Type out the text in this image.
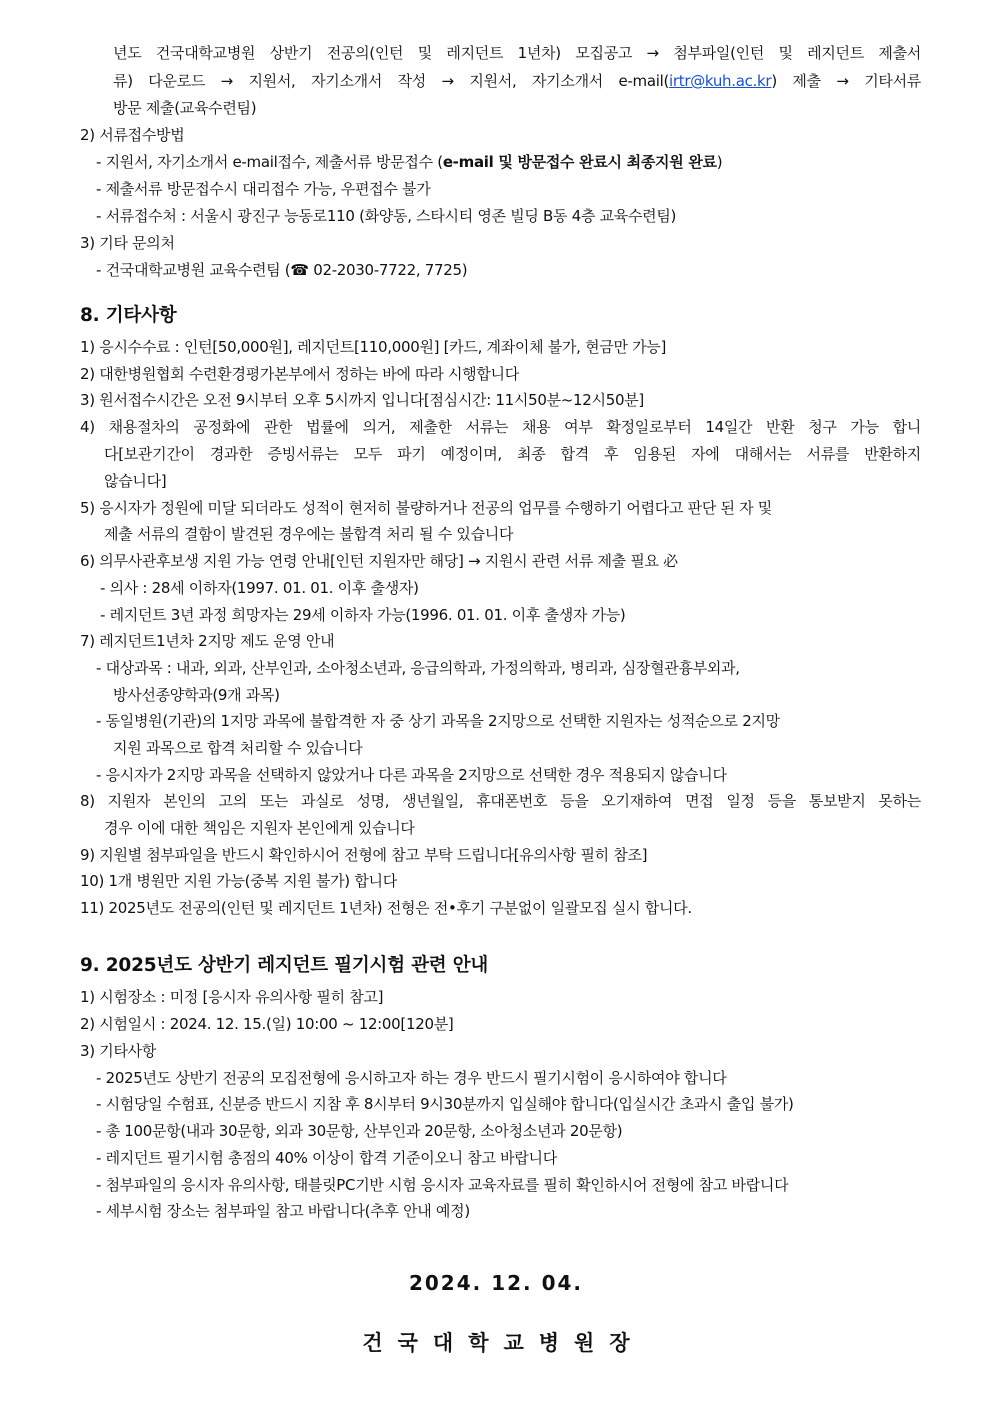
년도 건국대학교병원 상반기 전공의(인턴 및 레지던트 1년차) 모집공고 → 첨부파일(인턴 및 레지던트 제출서
류) 다운로드 → 지원서, 자기소개서 작성 → 지원서, 자기소개서 e-mail(irtr@kuh.ac.kr) 제출 → 기타서류
방문 제출(교육수련팀)
2) 서류접수방법
- 지원서, 자기소개서 e-mail접수, 제출서류 방문접수 (e-mail 및 방문접수 완료시 최종지원 완료)
- 제출서류 방문접수시 대리접수 가능, 우편접수 불가
- 서류접수처 : 서울시 광진구 능동로110 (화양동, 스타시티 영존 빌딩 B동 4층 교육수련팀)
3) 기타 문의처
- 건국대학교병원 교육수련팀 (☎ 02-2030-7722, 7725)
8. 기타사항
1) 응시수수료 : 인턴[50,000원], 레지던트[110,000원] [카드, 계좌이체 불가, 현금만 가능]
2) 대한병원협회 수련환경평가본부에서 정하는 바에 따라 시행합니다
3) 원서접수시간은 오전 9시부터 오후 5시까지 입니다[점심시간: 11시50분~12시50분]
4) 채용절차의 공정화에 관한 법률에 의거, 제출한 서류는 채용 여부 확정일로부터 14일간 반환 청구 가능 합니
다[보관기간이 경과한 증빙서류는 모두 파기 예정이며, 최종 합격 후 임용된 자에 대해서는 서류를 반환하지
않습니다]
5) 응시자가 정원에 미달 되더라도 성적이 현저히 불량하거나 전공의 업무를 수행하기 어렵다고 판단 된 자 및
제출 서류의 결함이 발견된 경우에는 불합격 처리 될 수 있습니다
6) 의무사관후보생 지원 가능 연령 안내[인턴 지원자만 해당] → 지원시 관련 서류 제출 필요 必
- 의사 : 28세 이하자(1997. 01. 01. 이후 출생자)
- 레지던트 3년 과정 희망자는 29세 이하자 가능(1996. 01. 01. 이후 출생자 가능)
7) 레지던트1년차 2지망 제도 운영 안내
- 대상과목 : 내과, 외과, 산부인과, 소아청소년과, 응급의학과, 가정의학과, 병리과, 심장혈관흉부외과,
방사선종양학과(9개 과목)
- 동일병원(기관)의 1지망 과목에 불합격한 자 중 상기 과목을 2지망으로 선택한 지원자는 성적순으로 2지망
지원 과목으로 합격 처리할 수 있습니다
- 응시자가 2지망 과목을 선택하지 않았거나 다른 과목을 2지망으로 선택한 경우 적용되지 않습니다
8) 지원자 본인의 고의 또는 과실로 성명, 생년월일, 휴대폰번호 등을 오기재하여 면접 일정 등을 통보받지 못하는
경우 이에 대한 책임은 지원자 본인에게 있습니다
9) 지원별 첨부파일을 반드시 확인하시어 전형에 참고 부탁 드립니다[유의사항 필히 참조]
10) 1개 병원만 지원 가능(중복 지원 불가) 합니다
11) 2025년도 전공의(인턴 및 레지던트 1년차) 전형은 전•후기 구분없이 일괄모집 실시 합니다.
9. 2025년도 상반기 레지던트 필기시험 관련 안내
1) 시험장소 : 미정 [응시자 유의사항 필히 참고]
2) 시험일시 : 2024. 12. 15.(일) 10:00 ~ 12:00[120분]
3) 기타사항
- 2025년도 상반기 전공의 모집전형에 응시하고자 하는 경우 반드시 필기시험이 응시하여야 합니다
- 시험당일 수험표, 신분증 반드시 지참 후 8시부터 9시30분까지 입실해야 합니다(입실시간 초과시 출입 불가)
- 총 100문항(내과 30문항, 외과 30문항, 산부인과 20문항, 소아청소년과 20문항)
- 레지던트 필기시험 총점의 40% 이상이 합격 기준이오니 참고 바랍니다
- 첨부파일의 응시자 유의사항, 태블릿PC기반 시험 응시자 교육자료를 필히 확인하시어 전형에 참고 바랍니다
- 세부시험 장소는 첨부파일 참고 바랍니다(추후 안내 예정)
2024. 12. 04.
건국대학교병원장
